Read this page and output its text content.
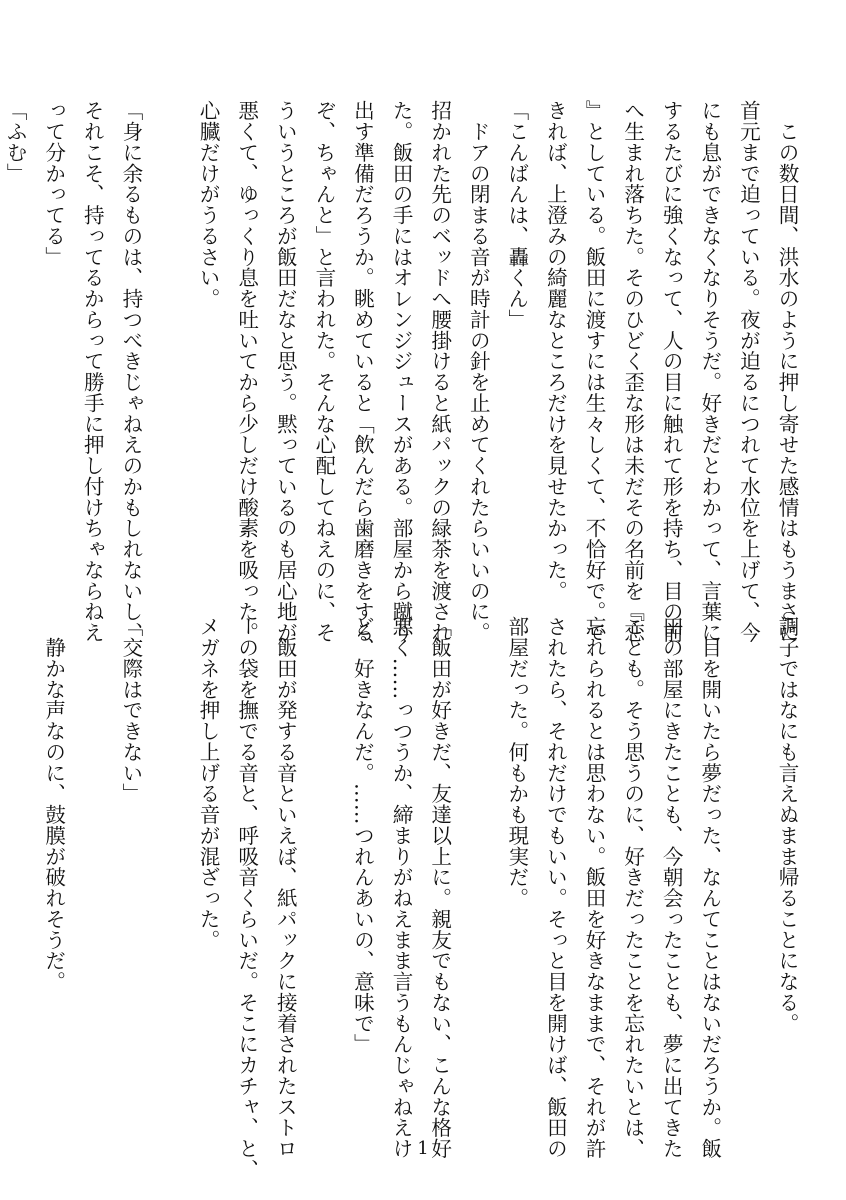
　この数日間、洪水のように押し寄せた感情はもうまさに
首元まで迫っている。夜が迫るにつれて水位を上げて、今
にも息ができなくなりそうだ。好きだとわかって、言葉に
するたびに強くなって、人の目に触れて形を持ち、目の前
へ生まれ落ちた。そのひどく歪な形は未だその名前を『恋
』としている。飯田に渡すには生々しくて、不恰好で。で
きれば、上澄みの綺麗なところだけを見せたかった。
「こんばんは、轟くん」
　ドアの閉まる音が時計の針を止めてくれたらいいのに。
招かれた先のベッドへ腰掛けると紙パックの緑茶を渡され
た。飯田の手にはオレンジジュースがある。部屋から蹴り
出す準備だろうか。眺めていると「飲んだら歯磨きをする
ぞ、ちゃんと」と言われた。そんな心配してねえのに、そ
ういうところが飯田だなと思う。黙っているのも居心地が
悪くて、ゆっくり息を吐いてから少しだけ酸素を吸った。
心臓だけがうるさい。

「身に余るものは、持つべきじゃねえのかもしれないし、
それこそ、持ってるからって勝手に押し付けちゃならねえ
って分かってる」
「ふむ」
調子ではなにも言えぬまま帰ることになる。

　目を開いたら夢だった、なんてことはないだろうか。飯
田の部屋にきたことも、今朝会ったことも、夢に出てきた
ことも。そう思うのに、好きだったことを忘れたいとは、
忘れられるとは思わない。飯田を好きなままで、それが許
されたら、それだけでもいい。そっと目を開けば、飯田の
部屋だった。何もかも現実だ。

「飯田が好きだ、友達以上に。親友でもない、こんな格好
悪く……っつうか、締まりがねえまま言うもんじゃねえけ
ど、好きなんだ。……つれんあいの、意味で」

　飯田が発する音といえば、紙パックに接着されたストロ
ーの袋を撫でる音と、呼吸音くらいだ。そこにカチャ、と、
メガネを押し上げる音が混ざった。

「交際はできない」

　静かな声なのに、鼓膜が破れそうだ。

1
